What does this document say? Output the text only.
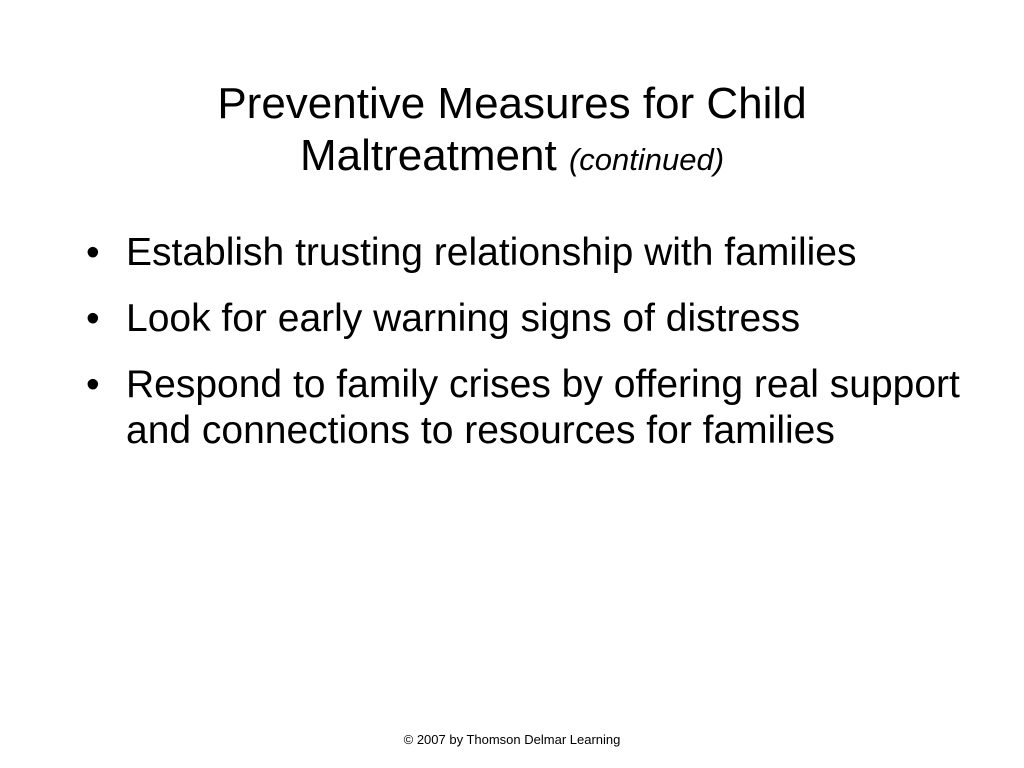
Preventive Measures for Child
Maltreatment (continued)
• Establish trusting relationship with families
• Look for early warning signs of distress
• Respond to family crises by offering real support and connections to resources for families
© 2007 by Thomson Delmar Learning
